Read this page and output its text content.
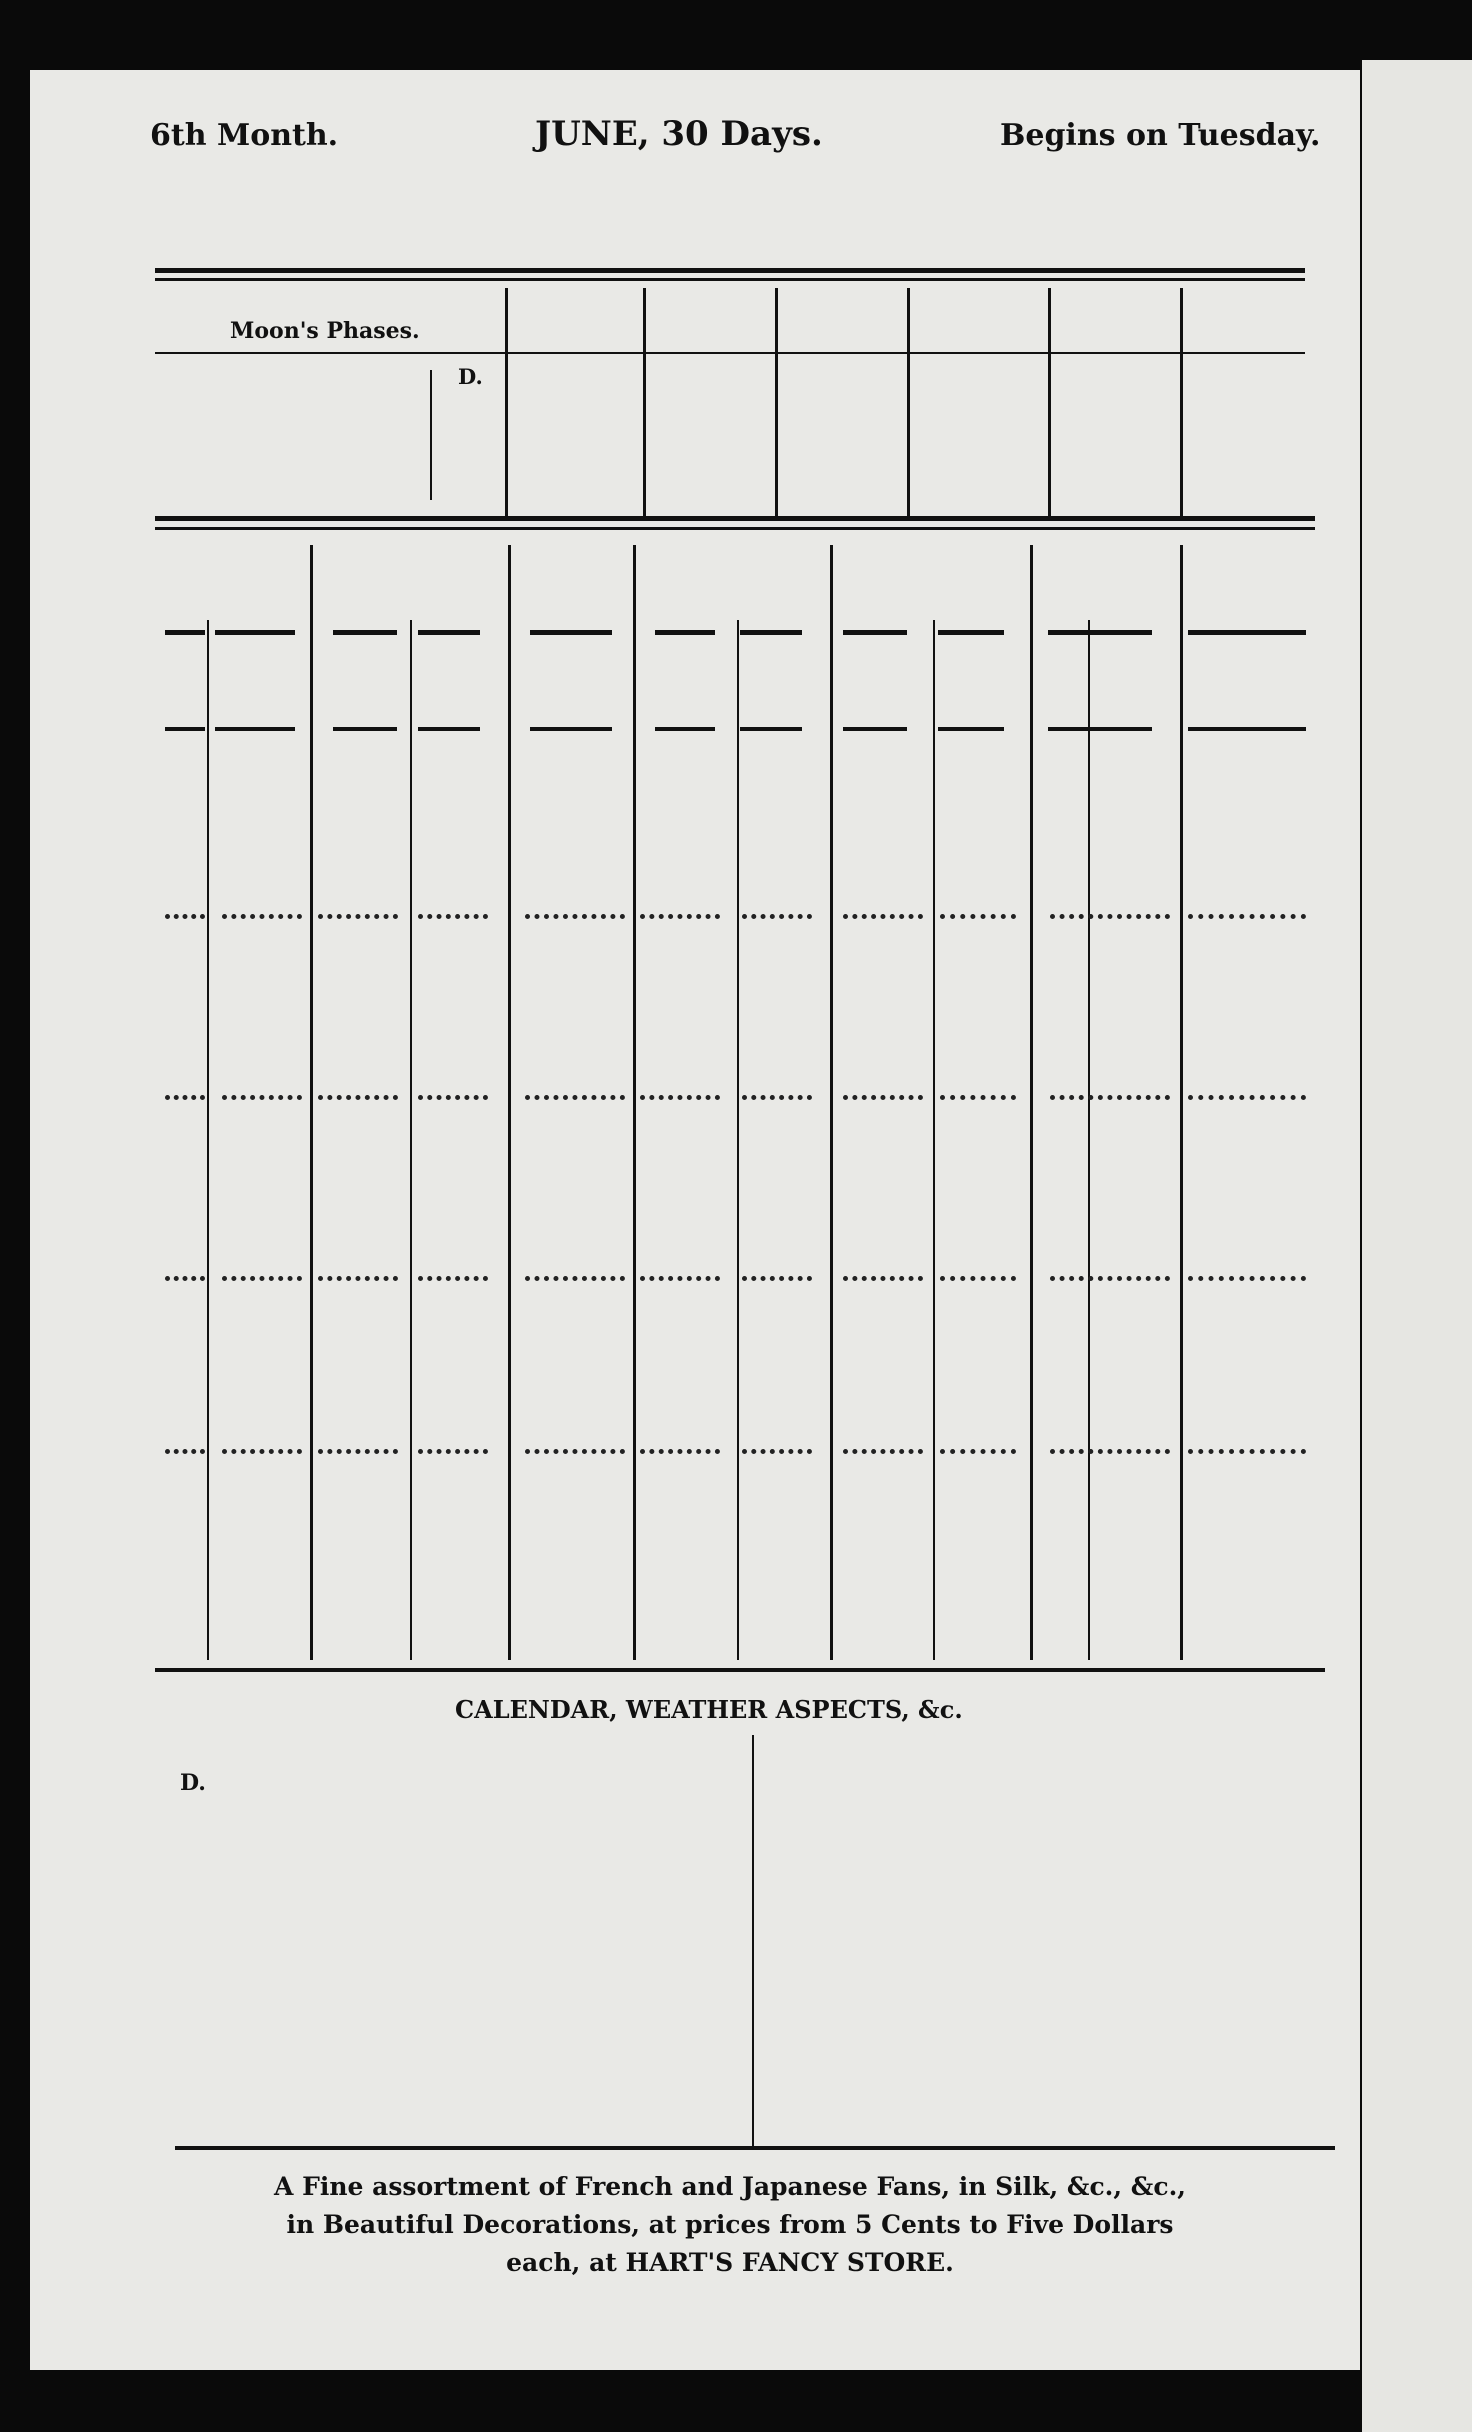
6th Month.	JUNE, 30 Days.	Begins on Tuesday.
Moon's Phases.
D.
CALENDAR, WEATHER ASPECTS, &c.
D.
A Fine assortment of French and Japanese Fans, in Silk, &c., &c.,
in Beautiful Decorations, at prices from 5 Cents to Five Dollars
each, at HART'S FANCY STORE.
